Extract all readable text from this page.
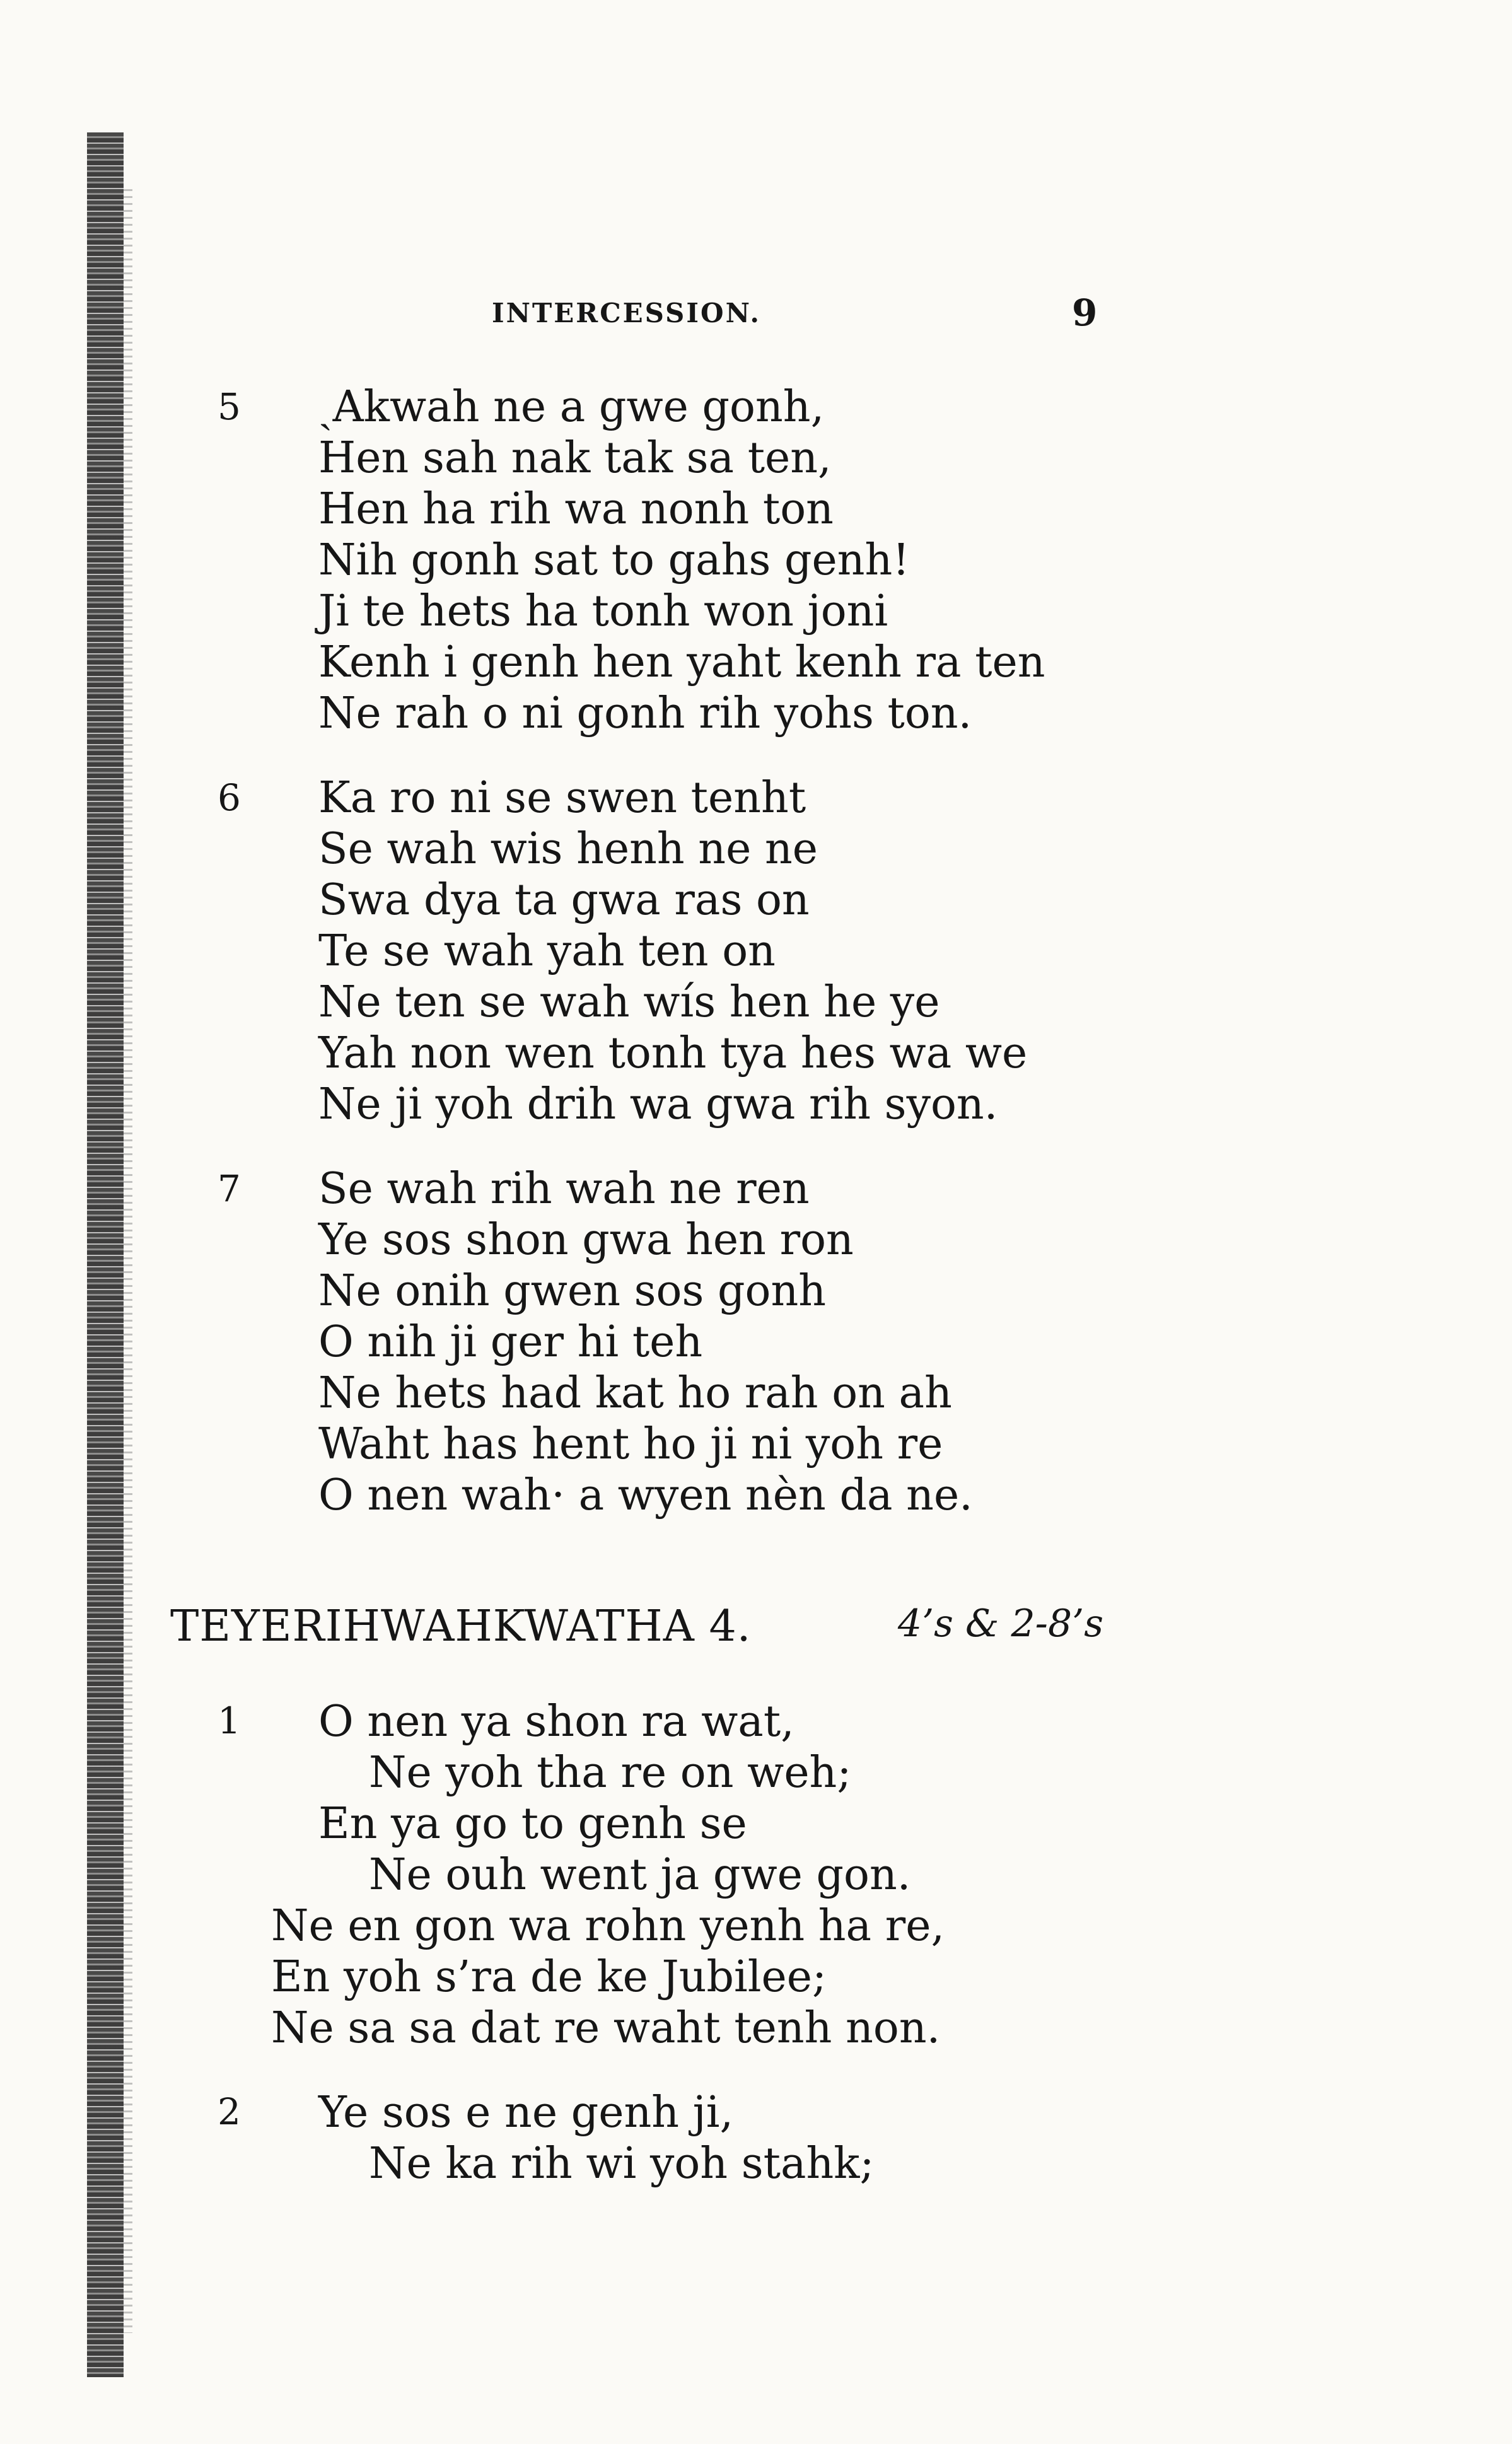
INTERCESSION.	9
5 ˏAkwah ne a gwe gonh,
Hen sah nak tak sa ten,
Hen ha rih wa nonh ton
Nih gonh sat to gahs genh!
Ji te hets ha tonh won joni
Kenh i genh hen yaht kenh ra ten
Ne rah o ni gonh rih yohs ton.
6 Ka ro ni se swen tenht
Se wah wis henh ne ne
Swa dya ta gwa ras on
Te se wah yah ten on
Ne ten se wah wís hen he ye
Yah non wen tonh tya hes wa we
Ne ji yoh drih wa gwa rih syon.
7 Se wah rih wah ne ren
Ye sos shon gwa hen ron
Ne onih gwen sos gonh
O nih ji ger hi teh
Ne hets had kat ho rah on ah
Waht has hent ho ji ni yoh re
O nen wah· a wyen nèn da ne.
TEYERIHWAHKWATHA 4.	4’s & 2-8’s
1 O nen ya shon ra wat,
Ne yoh tha re on weh;
En ya go to genh se
Ne ouh went ja gwe gon.
Ne en gon wa rohn yenh ha re,
En yoh s’ra de ke Jubilee;
Ne sa sa dat re waht tenh non.
2 Ye sos e ne genh ji,
Ne ka rih wi yoh stahk;
